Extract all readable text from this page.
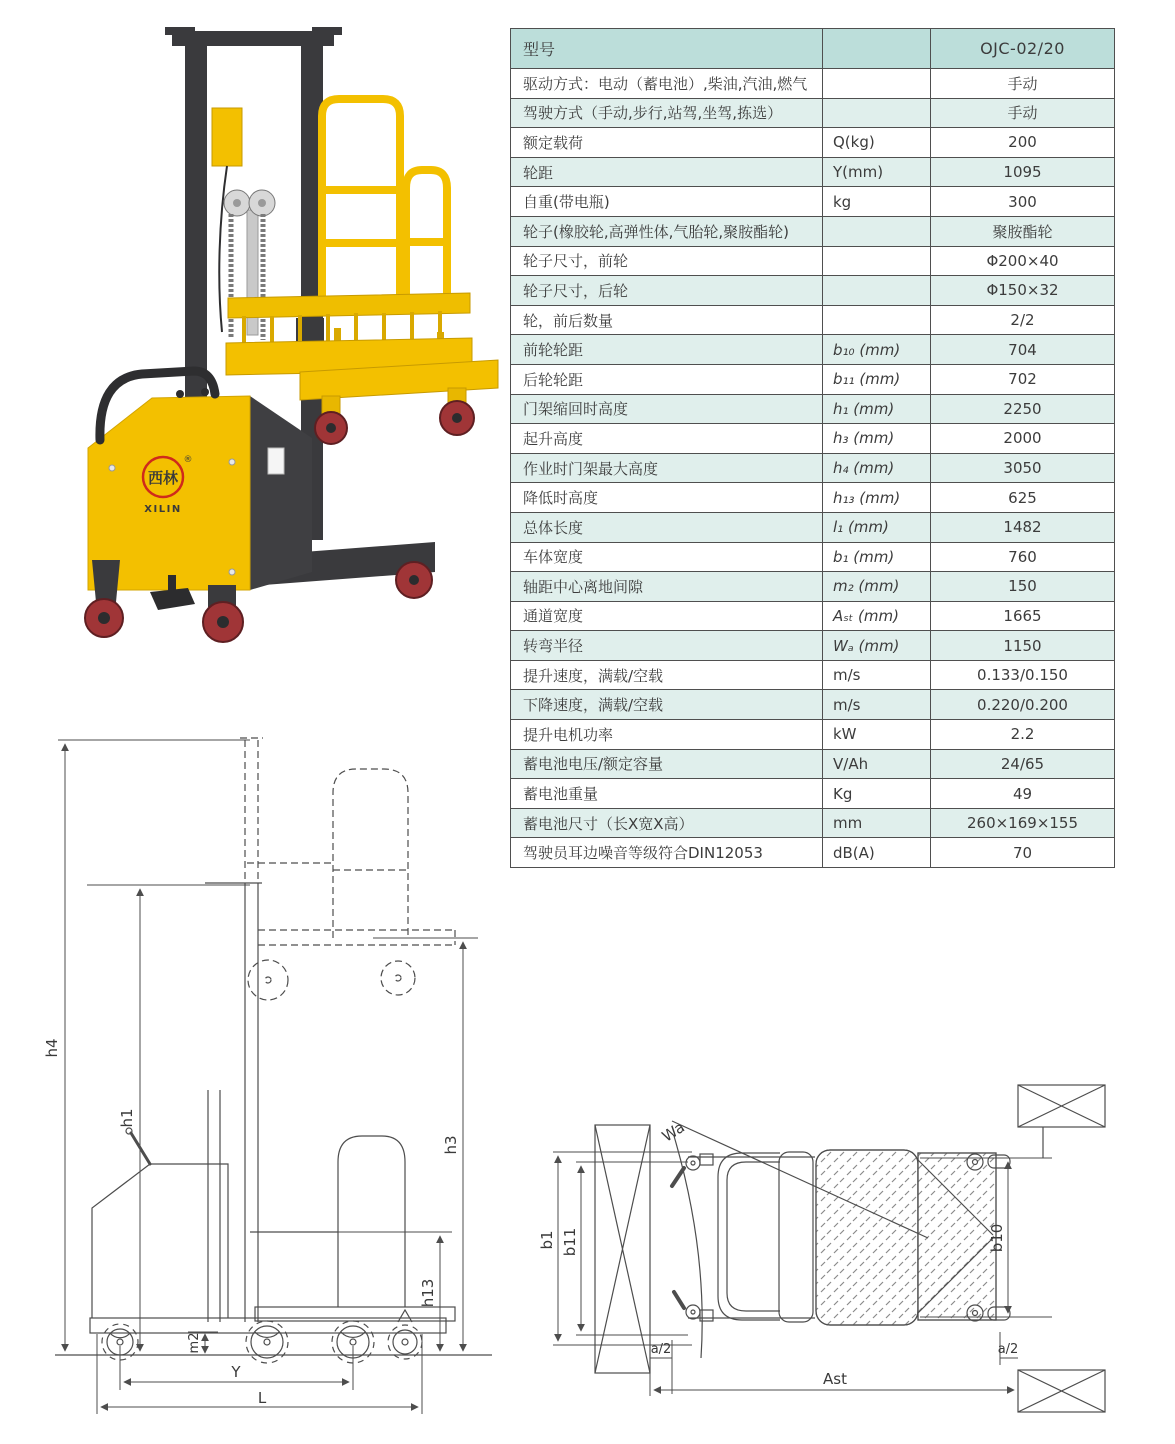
西林
®
XILIN
型号		OJC-02/20
驱动方式：电动（蓄电池）,柴油,汽油,燃气		手动
驾驶方式（手动,步行,站驾,坐驾,拣选）		手动
额定载荷	Q(kg)	200
轮距	Y(mm)	1095
自重(带电瓶)	kg	300
轮子(橡胶轮,高弹性体,气胎轮,聚胺酯轮)		聚胺酯轮
轮子尺寸，前轮		Φ200×40
轮子尺寸，后轮		Φ150×32
轮，前后数量		2/2
前轮轮距	b₁₀ (mm)	704
后轮轮距	b₁₁ (mm)	702
门架缩回时高度	h₁ (mm)	2250
起升高度	h₃ (mm)	2000
作业时门架最大高度	h₄ (mm)	3050
降低时高度	h₁₃ (mm)	625
总体长度	l₁ (mm)	1482
车体宽度	b₁ (mm)	760
轴距中心离地间隙	m₂ (mm)	150
通道宽度	Aₛₜ (mm)	1665
转弯半径	Wₐ (mm)	1150
提升速度，满载/空载	m/s	0.133/0.150
下降速度，满载/空载	m/s	0.220/0.200
提升电机功率	kW	2.2
蓄电池电压/额定容量	V/Ah	24/65
蓄电池重量	Kg	49
蓄电池尺寸（长X宽X高）	mm	260×169×155
驾驶员耳边噪音等级符合DIN12053	dB(A)	70
h4
h1
h3
h13
m2
Y
L
b1 b11	b10
Wa
a/2	a/2
Ast
